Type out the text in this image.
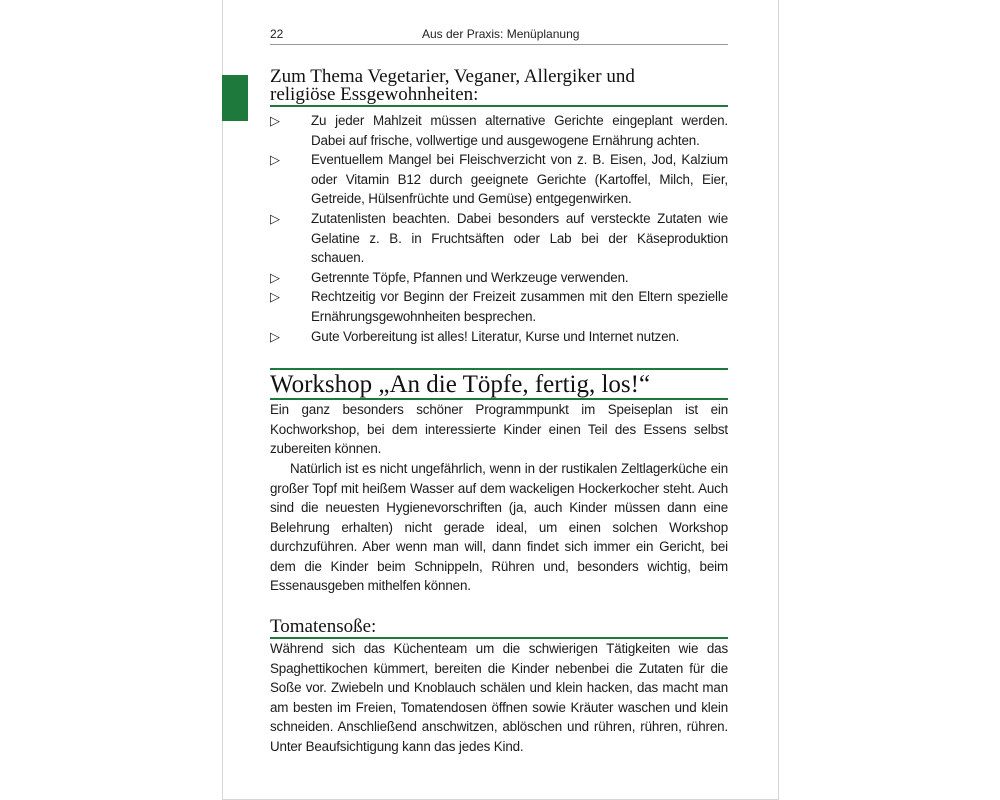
22	Aus der Praxis: Menüplanung
Zum Thema Vegetarier, Veganer, Allergiker und
religiöse Essgewohnheiten:
▷ Zu jeder Mahlzeit müssen alternative Gerichte eingeplant werden. Dabei auf frische, vollwertige und ausgewogene Ernährung achten.
▷ Eventuellem Mangel bei Fleischverzicht von z. B. Eisen, Jod, Kalzium oder Vitamin B12 durch geeignete Gerichte (Kartoffel, Milch, Eier, Getreide, Hülsenfrüchte und Gemüse) entgegenwirken.
▷ Zutatenlisten beachten. Dabei besonders auf versteckte Zutaten wie Gelatine z. B. in Fruchtsäften oder Lab bei der Käseproduktion schauen.
▷ Getrennte Töpfe, Pfannen und Werkzeuge verwenden.
▷ Rechtzeitig vor Beginn der Freizeit zusammen mit den Eltern spezielle Ernährungsgewohnheiten besprechen.
▷ Gute Vorbereitung ist alles! Literatur, Kurse und Internet nutzen.
Workshop „An die Töpfe, fertig, los!“

Ein ganz besonders schöner Programmpunkt im Speiseplan ist ein Kochworkshop, bei dem interessierte Kinder einen Teil des Essens selbst zubereiten können.

Natürlich ist es nicht ungefährlich, wenn in der rustikalen Zeltlagerküche ein großer Topf mit heißem Wasser auf dem wackeligen Hockerkocher steht. Auch sind die neuesten Hygienevorschriften (ja, auch Kinder müssen dann eine Belehrung erhalten) nicht gerade ideal, um einen solchen Workshop durchzuführen. Aber wenn man will, dann findet sich immer ein Gericht, bei dem die Kinder beim Schnippeln, Rühren und, besonders wichtig, beim Essenausgeben mithelfen können.

Tomatensoße:

Während sich das Küchenteam um die schwierigen Tätigkeiten wie das Spaghettikochen kümmert, bereiten die Kinder nebenbei die Zutaten für die Soße vor. Zwiebeln und Knoblauch schälen und klein hacken, das macht man am besten im Freien, Tomatendosen öffnen sowie Kräuter waschen und klein schneiden. Anschließend anschwitzen, ablöschen und rühren, rühren, rühren. Unter Beaufsichtigung kann das jedes Kind.
